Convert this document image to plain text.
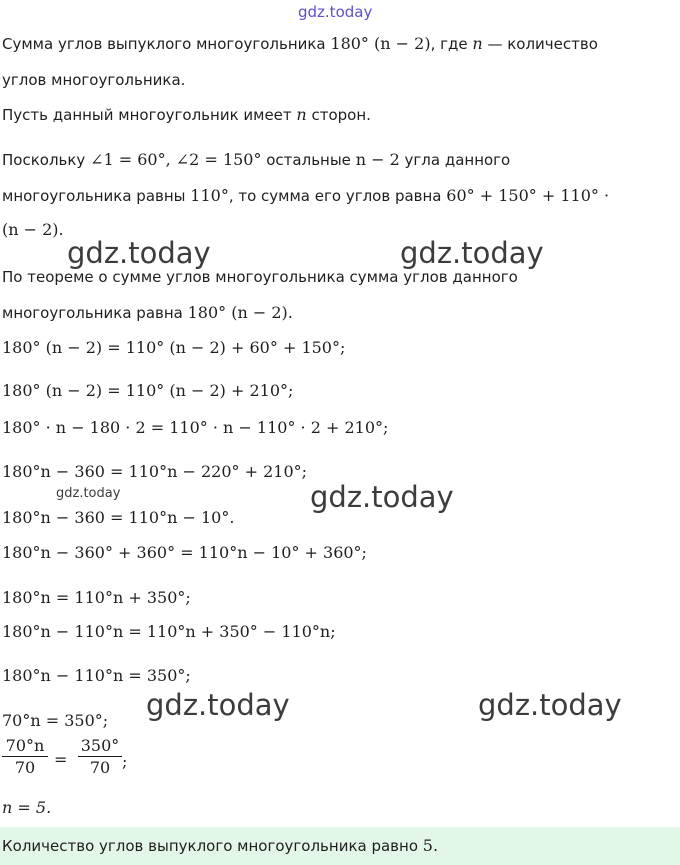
gdz.today
gdz.today	gdz.today
gdz.today	gdz.today
gdz.today	gdz.today
Сумма углов выпуклого многоугольника 180° (n − 2), где n — количество
углов многоугольника.
Пусть данный многоугольник имеет n сторон.
Поскольку ∠1 = 60°, ∠2 = 150° остальные n − 2 угла данного
многоугольника равны 110°, то сумма его углов равна 60° + 150° + 110° ·
(n − 2).
По теореме о сумме углов многоугольника сумма углов данного
многоугольника равна 180° (n − 2).
180° (n − 2) = 110° (n − 2) + 60° + 150°;
180° (n − 2) = 110° (n − 2) + 210°;
180° · n − 180 · 2 = 110° · n − 110° · 2 + 210°;
180°n − 360 = 110°n − 220° + 210°;
180°n − 360 = 110°n − 10°.
180°n − 360° + 360° = 110°n − 10° + 360°;
180°n = 110°n + 350°;
180°n − 110°n = 110°n + 350° − 110°n;
180°n − 110°n = 350°;
70°n = 350°;
70°n
70	=
350°
70 ;
n = 5.
Количество углов выпуклого многоугольника равно 5.
